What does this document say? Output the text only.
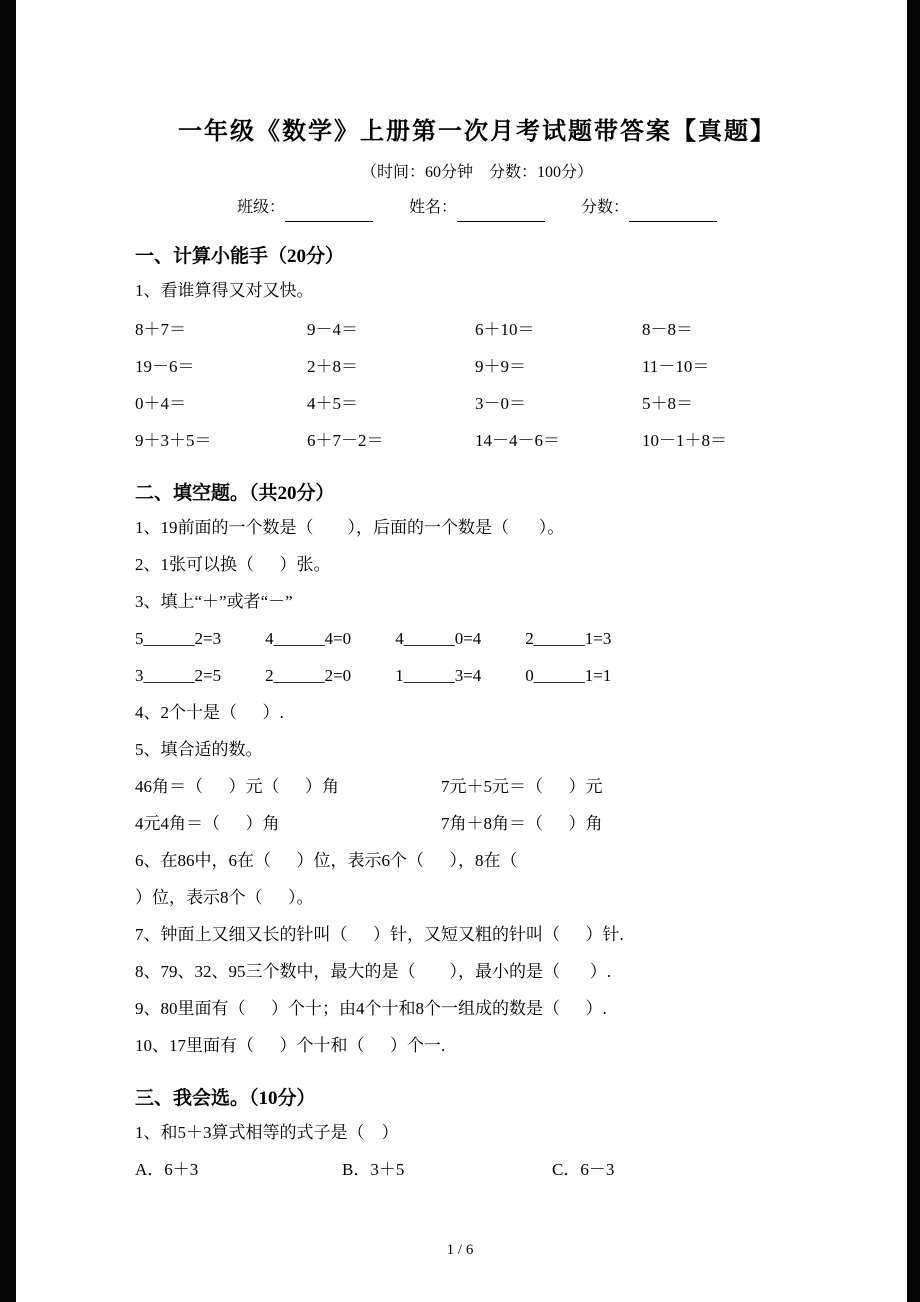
一年级《数学》上册第一次月考试题带答案【真题】
（时间：60分钟    分数：100分）
班级：	姓名：	分数：
一、计算小能手（20分）
1、看谁算得又对又快。
8＋7＝	9－4＝	6＋10＝	8－8＝
19－6＝	2＋8＝	9＋9＝	11－10＝
0＋4＝	4＋5＝	3－0＝	5＋8＝
9＋3＋5＝	6＋7－2＝	14－4－6＝	10－1＋8＝
二、填空题。（共20分）
1、19前面的一个数是（        ），后面的一个数是（       ）。
2、1张可以换（      ）张。
3、填上“＋”或者“－”
5______2=3	4______4=0	4______0=4	2______1=3
3______2=5	2______2=0	1______3=4	0______1=1
4、2个十是（      ）.
5、填合适的数。
46角＝（      ）元（      ）角	7元＋5元＝（      ）元
4元4角＝（      ）角	7角＋8角＝（      ）角
6、在86中，6在（      ）位，表示6个（      ），8在（
）位，表示8个（      ）。
7、钟面上又细又长的针叫（      ）针，又短又粗的针叫（      ）针.
8、79、32、95三个数中，最大的是（        ），最小的是（       ）.
9、80里面有（      ）个十；由4个十和8个一组成的数是（      ）.
10、17里面有（      ）个十和（      ）个一.
三、我会选。（10分）
1、和5＋3算式相等的式子是（    ）
A．6＋3	B．3＋5	C．6－3
1 / 6
